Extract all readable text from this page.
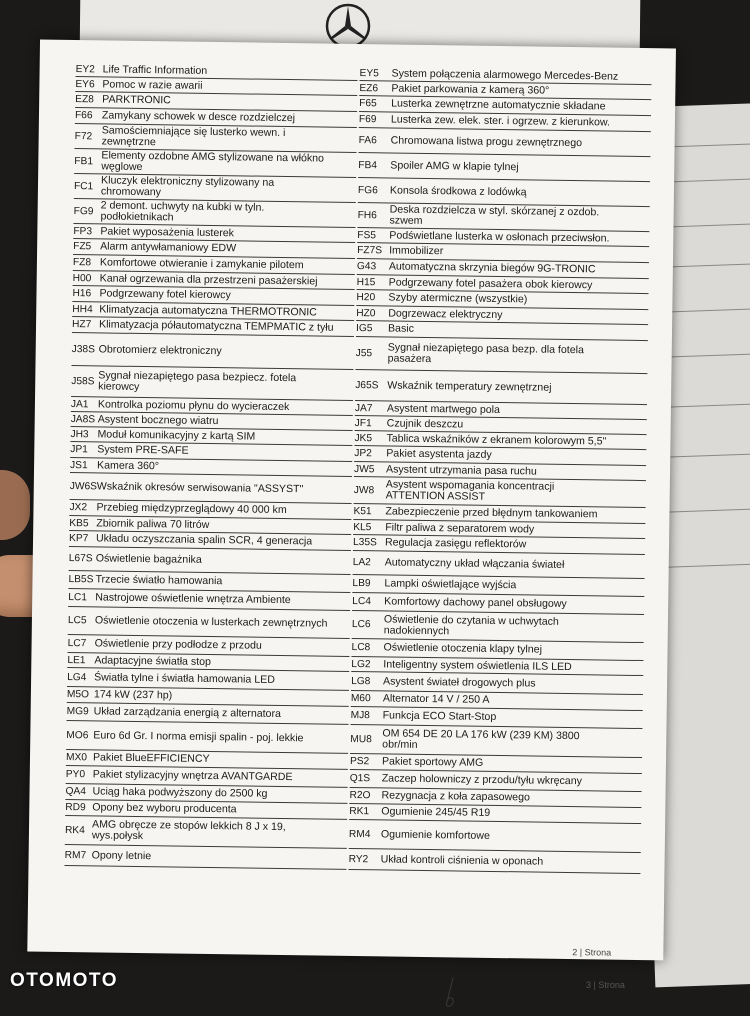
EY2 Life Traffic Information
EY6 Pomoc w razie awarii
EZ8 PARKTRONIC
F66 Zamykany schowek w desce rozdzielczej
F72 Samościemniające się lusterko wewn. i
zewnętrzne
FB1 Elementy ozdobne AMG stylizowane na włókno
węglowe
FC1 Kluczyk elektroniczny stylizowany na
chromowany
FG9 2 demont. uchwyty na kubki w tyln.
podłokietnikach
FP3 Pakiet wyposażenia lusterek
FZ5 Alarm antywłamaniowy EDW
FZ8 Komfortowe otwieranie i zamykanie pilotem
H00 Kanał ogrzewania dla przestrzeni pasażerskiej
H16 Podgrzewany fotel kierowcy
HH4 Klimatyzacja automatyczna THERMOTRONIC
HZ7 Klimatyzacja półautomatyczna TEMPMATIC z tyłu
J38S Obrotomierz elektroniczny
J58S Sygnał niezapiętego pasa bezpiecz. fotela
kierowcy
JA1 Kontrolka poziomu płynu do wycieraczek
JA8S Asystent bocznego wiatru
JH3 Moduł komunikacyjny z kartą SIM
JP1 System PRE-SAFE
JS1 Kamera 360°
JW6S Wskaźnik okresów serwisowania "ASSYST"
JX2 Przebieg międzyprzeglądowy 40 000 km
KB5 Zbiornik paliwa 70 litrów
KP7 Układu oczyszczania spalin SCR, 4 generacja
L67S Oświetlenie bagażnika
LB5S Trzecie światło hamowania
LC1 Nastrojowe oświetlenie wnętrza Ambiente
LC5 Oświetlenie otoczenia w lusterkach zewnętrznych
LC7 Oświetlenie przy podłodze z przodu
LE1 Adaptacyjne światła stop
LG4 Światła tylne i światła hamowania LED
M5O 174 kW (237 hp)
MG9 Układ zarządzania energią z alternatora
MO6 Euro 6d Gr. I norma emisji spalin - poj. lekkie
MX0 Pakiet BlueEFFICIENCY
PY0 Pakiet stylizacyjny wnętrza AVANTGARDE
QA4 Uciąg haka podwyższony do 2500 kg
RD9 Opony bez wyboru producenta
RK4 AMG obręcze ze stopów lekkich 8 J x 19,
wys.połysk
RM7 Opony letnie
EY5	System połączenia alarmowego Mercedes-Benz
EZ6	Pakiet parkowania z kamerą 360°
F65	Lusterka zewnętrzne automatycznie składane
F69	Lusterka zew. elek. ster. i ogrzew. z kierunkow.
FA6	Chromowana listwa progu zewnętrznego
FB4	Spoiler AMG w klapie tylnej
FG6	Konsola środkowa z lodówką
FH6	Deska rozdzielcza w styl. skórzanej z ozdob.
szwem
FS5	Podświetlane lusterka w osłonach przeciwsłon.
FZ7S Immobilizer
G43	Automatyczna skrzynia biegów 9G-TRONIC
H15	Podgrzewany fotel pasażera obok kierowcy
H20	Szyby atermiczne (wszystkie)
HZ0	Dogrzewacz elektryczny
IG5	Basic
J55	Sygnał niezapiętego pasa bezp. dla fotela
pasażera
J65S Wskaźnik temperatury zewnętrznej
JA7	Asystent martwego pola
JF1	Czujnik deszczu
JK5	Tablica wskaźników z ekranem kolorowym 5,5"
JP2	Pakiet asystenta jazdy
JW5	Asystent utrzymania pasa ruchu
JW8	Asystent wspomagania koncentracji
ATTENTION ASSIST
K51	Zabezpieczenie przed błędnym tankowaniem
KL5	Filtr paliwa z separatorem wody
L35S Regulacja zasięgu reflektorów
LA2	Automatyczny układ włączania świateł
LB9	Lampki oświetlające wyjścia
LC4	Komfortowy dachowy panel obsługowy
LC6	Oświetlenie do czytania w uchwytach
nadokiennych
LC8	Oświetlenie otoczenia klapy tylnej
LG2	Inteligentny system oświetlenia ILS LED
LG8	Asystent świateł drogowych plus
M60	Alternator 14 V / 250 A
MJ8	Funkcja ECO Start-Stop
MU8 OM 654 DE 20 LA 176 kW (239 KM) 3800
obr/min
PS2	Pakiet sportowy AMG
Q1S	Zaczep holowniczy z przodu/tyłu wkręcany
R2O	Rezygnacja z koła zapasowego
RK1	Ogumienie 245/45 R19
RM4 Ogumienie komfortowe
RY2	Układ kontroli ciśnienia w oponach
2 | Strona
3 | Strona
OTOMOTO
